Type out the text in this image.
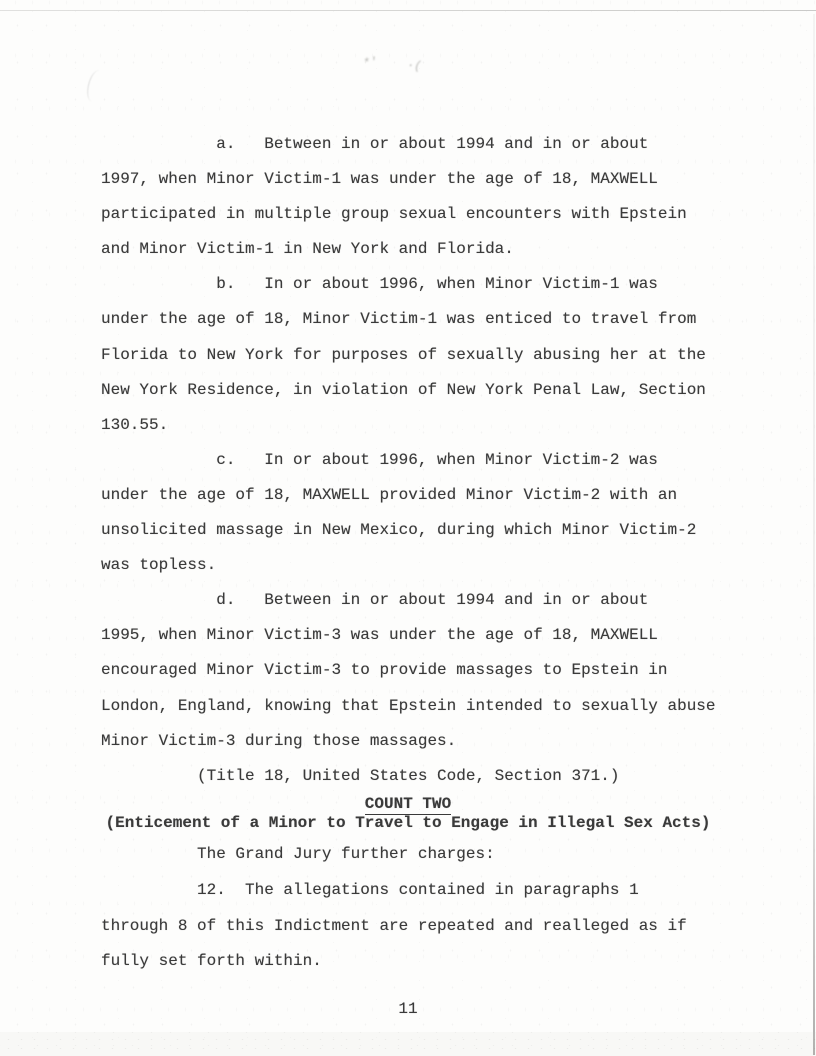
*' ·(
a.   Between in or about 1994 and in or about
1997, when Minor Victim-1 was under the age of 18, MAXWELL
participated in multiple group sexual encounters with Epstein
and Minor Victim-1 in New York and Florida.
b.   In or about 1996, when Minor Victim-1 was
under the age of 18, Minor Victim-1 was enticed to travel from
Florida to New York for purposes of sexually abusing her at the
New York Residence, in violation of New York Penal Law, Section
130.55.
c.   In or about 1996, when Minor Victim-2 was
under the age of 18, MAXWELL provided Minor Victim-2 with an
unsolicited massage in New Mexico, during which Minor Victim-2
was topless.
d.   Between in or about 1994 and in or about
1995, when Minor Victim-3 was under the age of 18, MAXWELL
encouraged Minor Victim-3 to provide massages to Epstein in
London, England, knowing that Epstein intended to sexually abuse
Minor Victim-3 during those massages.
(Title 18, United States Code, Section 371.)
COUNT TWO
(Enticement of a Minor to Travel to Engage in Illegal Sex Acts)
The Grand Jury further charges:
12.  The allegations contained in paragraphs 1
through 8 of this Indictment are repeated and realleged as if
fully set forth within.
11
